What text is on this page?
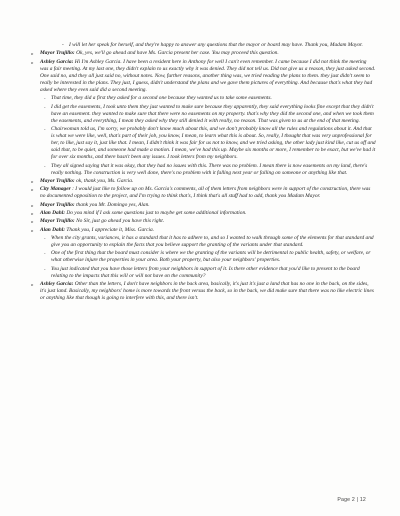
- I will let her speak for herself, and they're happy to answer any questions that the mayor or board may have. Thank you, Madam Mayor.
o Mayor Trujillo: Ok, yes, we'll go ahead and have Ms. Garcia present her case. You may proceed this question.
o Ashley Garcia: Hi I'm Ashley Garcia. I have been a resident here in Anthony for well I can't even remember. I came because I did not think the meeting was a fair meeting. At my last one, they didn't explain to us exactly why it was denied. They did not tell us. Did not give us a reason, they just asked second. One said no, and they all just said no, without notes. Now, further reasons, another thing was, we tried reading the plans to them. they just didn't seem to really be interested in the plans. They just, I guess, didn't understand the plans and we gave them pictures of everything. And because that's what they had asked where they even said did a second meeting.
- That time, they did a first they asked for a second one because they wanted us to take some easements.
- I did get the easements, I took unto them they just wanted to make sure because they apparently, they said everything looks fine except that they didn't have an easement. they wanted to make sure that there were no easements on my property. that's why they did the second one, and when we took them the easements, and everything, I mean they asked why they still denied it with really, no reason. That was given to us at the end of that meeting.
- Chairwoman told us, I'm sorry, we probably don't know much about this, and we don't probably know all the rules and regulations about it. And that is what we were like, well, that's part of their job, you know, I mean, to learn what this is about. So, really, I thought that was very unprofessional for her, to like, just say it, just like that. I mean, I didn't think it was fair for us not to know, and we tried asking, the other lady just kind like, cut us off and said that, to be quiet, and someone had made a motion. I mean, we've had this up. Maybe six months or more, I remember to be exact, but we've had it for over six months, and there hasn't been any issues. I took letters from my neighbors.
- They all signed saying that it was okay, that they had no issues with this. There was no problem. I mean there is now easements on my land, there's really nothing. The construction is very well done, there's no problem with it falling next year or falling on someone or anything like that.
o Mayor Trujillo: ok, thank you, Ms. Garcia.
o City Manager : I would just like to follow up on Ms. Garcia's comments, all of them letters from neighbors were in support of the construction, there was no documented opposition to the project, and I'm trying to think that's, I think that's all stuff had to add, thank you Madam Mayor.
o Mayor Trujillo: thank you Mr. Domingo yes, Alan.
o Alan Dahl: Do you mind if I ask some questions just to maybe get some additional information.
o Mayor Trujillo: No Sir, just go ahead you have this right.
o Alan Dahl: Thank you, I appreciate it, Miss. Garcia.
- When the city grants, variances, it has a standard that it has to adhere to, and so I wanted to walk through some of the elements for that standard and give you an opportunity to explain the facts that you believe support the granting of the variants under that standard.
- One of the first thing that the board must consider is where we the granting of the variants will be detrimental to public health, safety, or welfare, or what otherwise injure the properties in your area. Both your property, but also your neighbors' properties.
- You just indicated that you have those letters from your neighbors in support of it. Is there other evidence that you'd like to present to the board relating to the impacts that this will or will not have on the community?
o Ashley Garcia: Other than the letters, I don't have neighbors in the back area, basically, it's just it's just a land that has no one in the back, on the sides, it's just land. Basically, my neighbors' home is more towards the front versus the back, so in the back, we did make sure that there was no like electric lines or anything like that though is going to interfere with this, and there isn't.
Page 2 | 12
